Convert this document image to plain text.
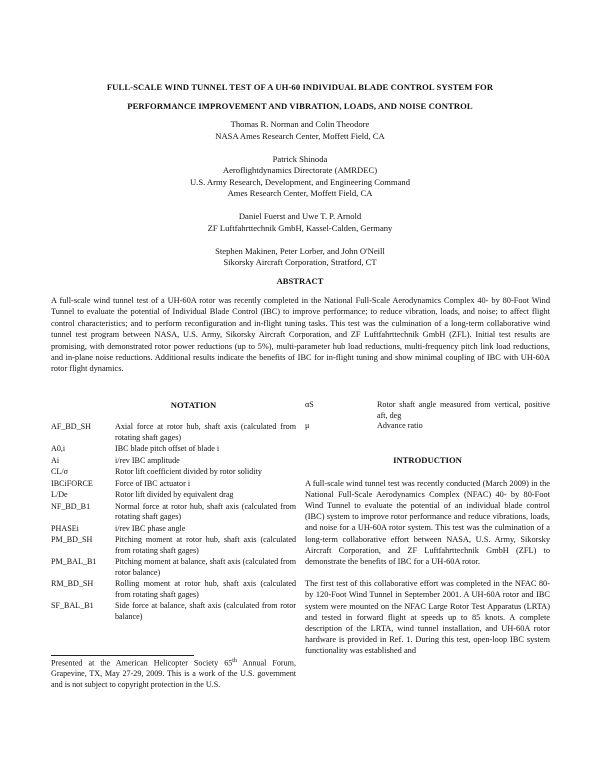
FULL-SCALE WIND TUNNEL TEST OF A UH-60 INDIVIDUAL BLADE CONTROL SYSTEM FOR
PERFORMANCE IMPROVEMENT AND VIBRATION, LOADS, AND NOISE CONTROL
Thomas R. Norman and Colin Theodore
NASA Ames Research Center, Moffett Field, CA
Patrick Shinoda
Aeroflightdynamics Directorate (AMRDEC)
U.S. Army Research, Development, and Engineering Command
Ames Research Center, Moffett Field, CA
Daniel Fuerst and Uwe T. P. Arnold
ZF Luftfahrttechnik GmbH, Kassel-Calden, Germany
Stephen Makinen, Peter Lorber, and John O'Neill
Sikorsky Aircraft Corporation, Stratford, CT
ABSTRACT
A full-scale wind tunnel test of a UH-60A rotor was recently completed in the National Full-Scale Aerodynamics Complex 40- by 80-Foot Wind Tunnel to evaluate the potential of Individual Blade Control (IBC) to improve performance; to reduce vibration, loads, and noise; to affect flight control characteristics; and to perform reconfiguration and in-flight tuning tasks. This test was the culmination of a long-term collaborative wind tunnel test program between NASA, U.S. Army, Sikorsky Aircraft Corporation, and ZF Luftfahrttechnik GmbH (ZFL). Initial test results are promising, with demonstrated rotor power reductions (up to 5%), multi-parameter hub load reductions, multi-frequency pitch link load reductions, and in-plane noise reductions. Additional results indicate the benefits of IBC for in-flight tuning and show minimal coupling of IBC with UH-60A rotor flight dynamics.
NOTATION
AF_BD_SH	Axial force at rotor hub, shaft axis (calculated from rotating shaft gages)
A0,i	IBC blade pitch offset of blade i
Ai	i/rev IBC amplitude
CL/σ	Rotor lift coefficient divided by rotor solidity
IBCiFORCE	Force of IBC actuator i
L/De	Rotor lift divided by equivalent drag
NF_BD_B1	Normal force at rotor hub, shaft axis (calculated from rotating shaft gages)
PHASEi	i/rev IBC phase angle
PM_BD_SH	Pitching moment at rotor hub, shaft axis (calculated from rotating shaft gages)
PM_BAL_B1	Pitching moment at balance, shaft axis (calculated from rotor balance)
RM_BD_SH	Rolling moment at rotor hub, shaft axis (calculated from rotating shaft gages)
SF_BAL_B1	Side force at balance, shaft axis (calculated from rotor balance)
Presented at the American Helicopter Society 65th Annual Forum, Grapevine, TX, May 27-29, 2009. This is a work of the U.S. government and is not subject to copyright protection in the U.S.
αS	Rotor shaft angle measured from vertical, positive aft, deg
μ	Advance ratio
INTRODUCTION
A full-scale wind tunnel test was recently conducted (March 2009) in the National Full-Scale Aerodynamics Complex (NFAC) 40- by 80-Foot Wind Tunnel to evaluate the potential of an individual blade control (IBC) system to improve rotor performance and reduce vibrations, loads, and noise for a UH-60A rotor system. This test was the culmination of a long-term collaborative effort between NASA, U.S. Army, Sikorsky Aircraft Corporation, and ZF Luftfahrttechnik GmbH (ZFL) to demonstrate the benefits of IBC for a UH-60A rotor.
The first test of this collaborative effort was completed in the NFAC 80- by 120-Foot Wind Tunnel in September 2001. A UH-60A rotor and IBC system were mounted on the NFAC Large Rotor Test Apparatus (LRTA) and tested in forward flight at speeds up to 85 knots. A complete description of the LRTA, wind tunnel installation, and UH-60A rotor hardware is provided in Ref. 1. During this test, open-loop IBC system functionality was established and
